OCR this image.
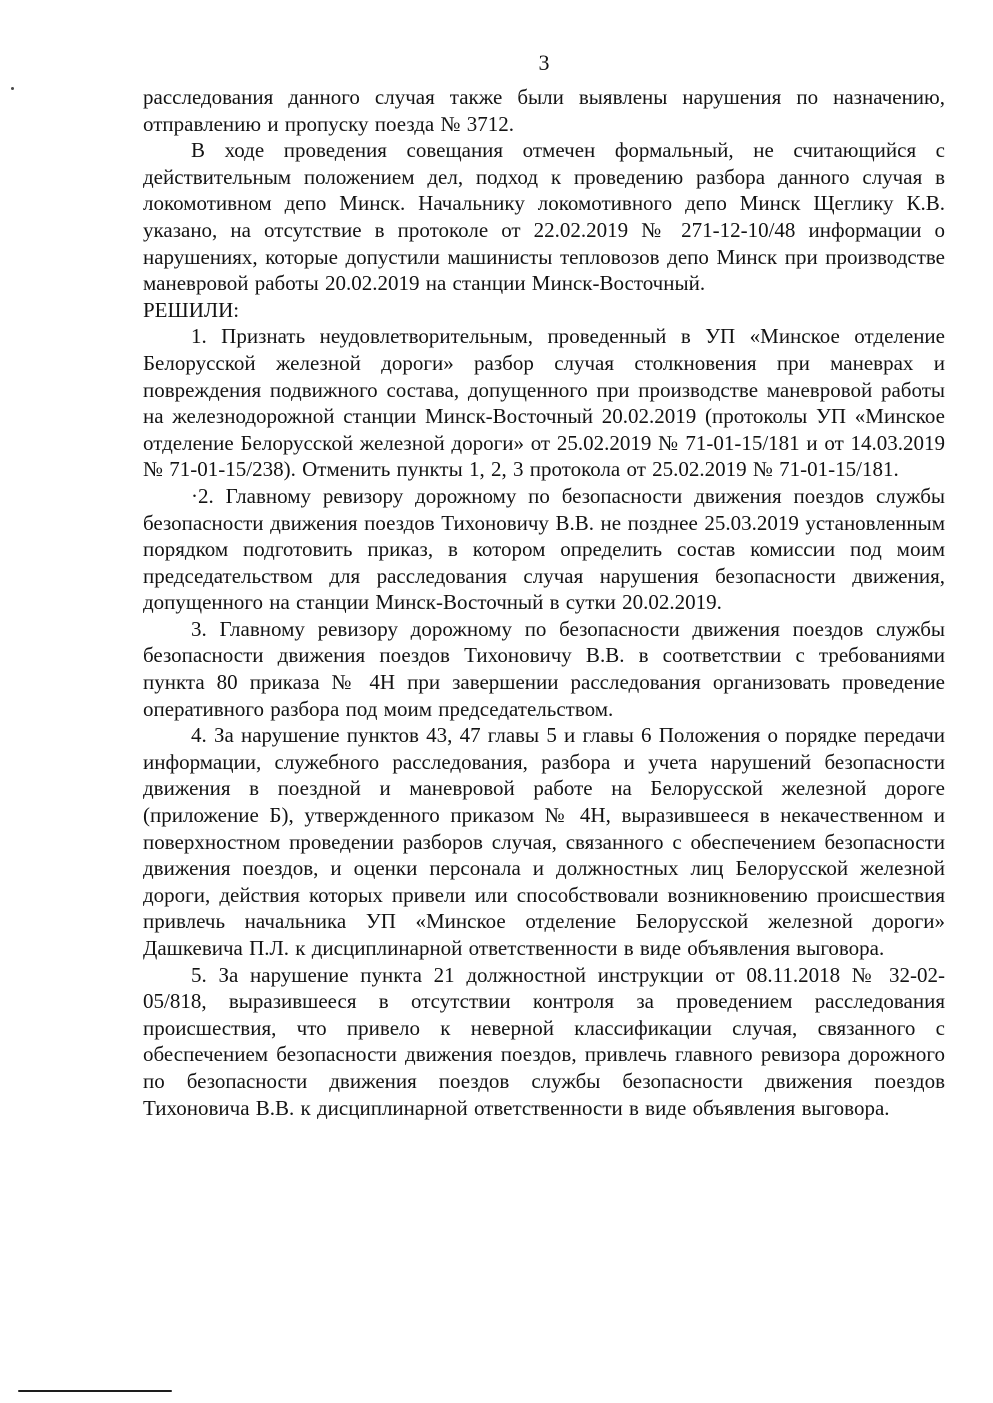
3

расследования данного случая также были выявлены нарушения по назначению, отправлению и пропуску поезда № 3712.

В ходе проведения совещания отмечен формальный, не считающийся с действительным положением дел, подход к проведению разбора данного случая в локомотивном депо Минск. Начальнику локомотивного депо Минск Щеглику К.В. указано, на отсутствие в протоколе от 22.02.2019 № 271-12-10/48 информации о нарушениях, которые допустили машинисты тепловозов депо Минск при производстве маневровой работы 20.02.2019 на станции Минск-Восточный.

РЕШИЛИ:

1. Признать неудовлетворительным, проведенный в УП «Минское отделение Белорусской железной дороги» разбор случая столкновения при маневрах и повреждения подвижного состава, допущенного при производстве маневровой работы на железнодорожной станции Минск-Восточный 20.02.2019 (протоколы УП «Минское отделение Белорусской железной дороги» от 25.02.2019 № 71-01-15/181 и от 14.03.2019 № 71-01-15/238). Отменить пункты 1, 2, 3 протокола от 25.02.2019 № 71-01-15/181.

·2. Главному ревизору дорожному по безопасности движения поездов службы безопасности движения поездов Тихоновичу В.В. не позднее 25.03.2019 установленным порядком подготовить приказ, в котором определить состав комиссии под моим председательством для расследования случая нарушения безопасности движения, допущенного на станции Минск-Восточный в сутки 20.02.2019.

3. Главному ревизору дорожному по безопасности движения поездов службы безопасности движения поездов Тихоновичу В.В. в соответствии с требованиями пункта 80 приказа № 4Н при завершении расследования организовать проведение оперативного разбора под моим председательством.

4. За нарушение пунктов 43, 47 главы 5 и главы 6 Положения о порядке передачи информации, служебного расследования, разбора и учета нарушений безопасности движения в поездной и маневровой работе на Белорусской железной дороге (приложение Б), утвержденного приказом № 4Н, выразившееся в некачественном и поверхностном проведении разборов случая, связанного с обеспечением безопасности движения поездов, и оценки персонала и должностных лиц Белорусской железной дороги, действия которых привели или способствовали возникновению происшествия привлечь начальника УП «Минское отделение Белорусской железной дороги» Дашкевича П.Л. к дисциплинарной ответственности в виде объявления выговора.

5. За нарушение пункта 21 должностной инструкции от 08.11.2018 № 32-02-05/818, выразившееся в отсутствии контроля за проведением расследования происшествия, что привело к неверной классификации случая, связанного с обеспечением безопасности движения поездов, привлечь главного ревизора дорожного по безопасности движения поездов службы безопасности движения поездов Тихоновича В.В. к дисциплинарной ответственности в виде объявления выговора.
